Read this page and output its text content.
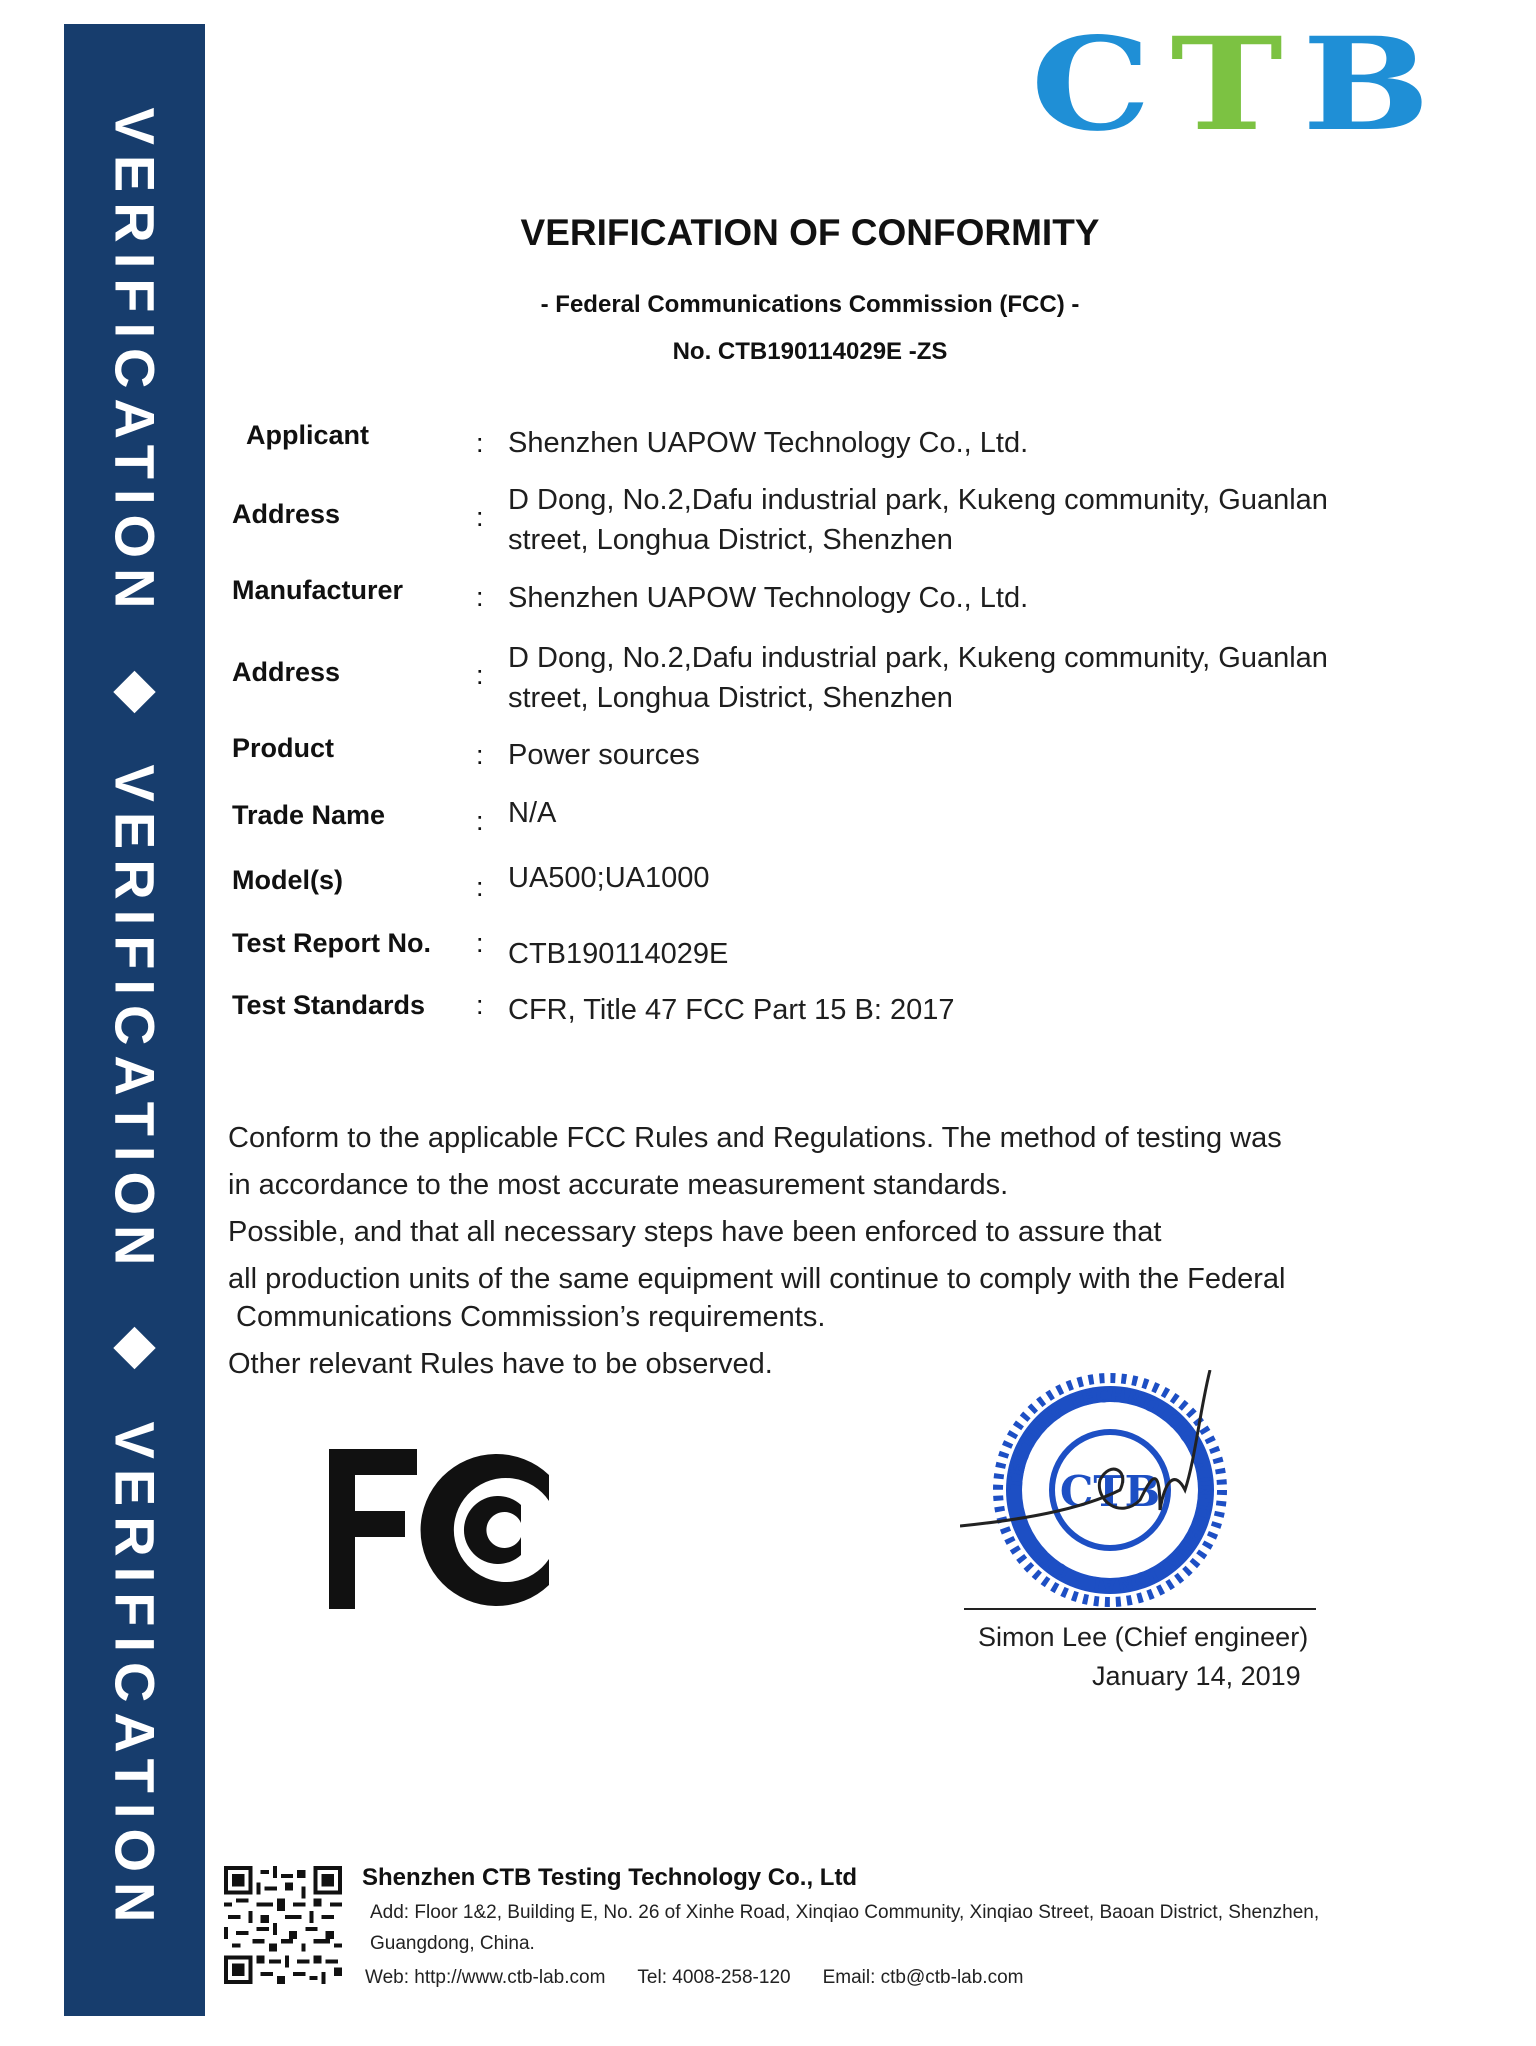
VERIFICATION
VERIFICATION
VERIFICATION
C T B
VERIFICATION OF CONFORMITY
- Federal Communications Commission (FCC) -
No. CTB190114029E -ZS
Applicant	: Shenzhen UAPOW Technology Co., Ltd.
Address	:
D Dong, No.2,Dafu industrial park, Kukeng community, Guanlan
street, Longhua District, Shenzhen
Manufacturer	: Shenzhen UAPOW Technology Co., Ltd.
Address	:
D Dong, No.2,Dafu industrial park, Kukeng community, Guanlan
street, Longhua District, Shenzhen
Product	: Power sources
Trade Name	: N/A
Model(s)	: UA500;UA1000
Test Report No. : CTB190114029E
Test Standards : CFR, Title 47 FCC Part 15 B: 2017
Conform to the applicable FCC Rules and Regulations. The method of testing was
in accordance to the most accurate measurement standards.
Possible, and that all necessary steps have been enforced to assure that
all production units of the same equipment will continue to comply with the Federal
Communications Commission’s requirements.
Other relevant Rules have to be observed.
TESTING TECHNOLOGY · INTERNATIONAL · CTB
CTB
Simon Lee (Chief engineer)
January 14, 2019
Shenzhen CTB Testing Technology Co., Ltd
Add: Floor 1&2, Building E, No. 26 of Xinhe Road, Xinqiao Community, Xinqiao Street, Baoan District, Shenzhen,
Guangdong, China.
Web: http://www.ctb-lab.com Tel: 4008-258-120 Email: ctb@ctb-lab.com
